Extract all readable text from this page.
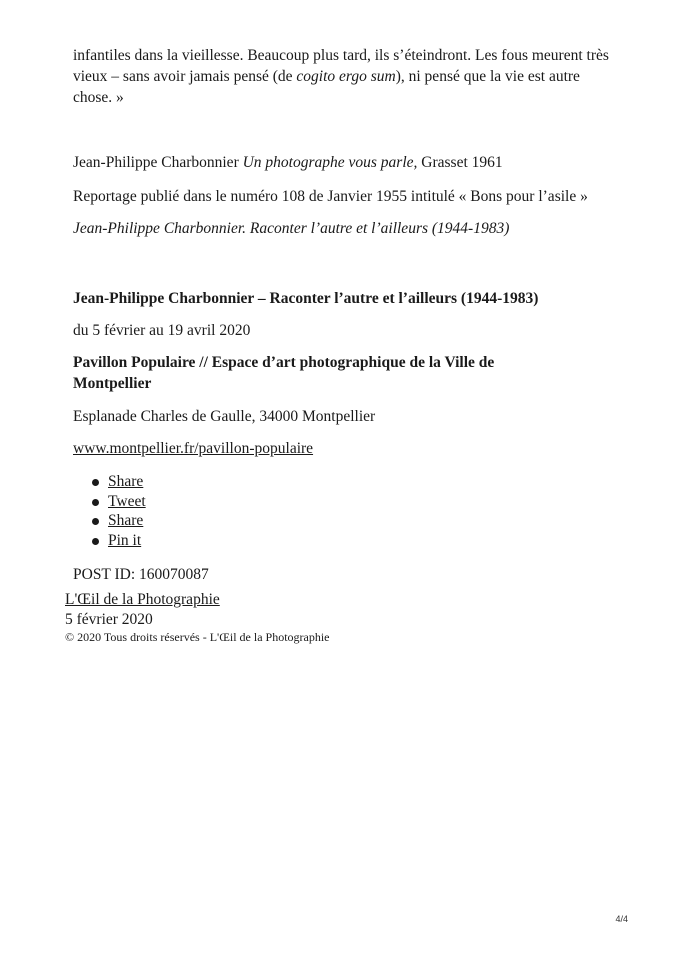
infantiles dans la vieillesse. Beaucoup plus tard, ils s’éteindront. Les fous meurent très
vieux – sans avoir jamais pensé (de cogito ergo sum), ni pensé que la vie est autre
chose. »

Jean-Philippe Charbonnier Un photographe vous parle, Grasset 1961

Reportage publié dans le numéro 108 de Janvier 1955 intitulé « Bons pour l’asile »

Jean-Philippe Charbonnier. Raconter l’autre et l’ailleurs (1944-1983)

Jean-Philippe Charbonnier – Raconter l’autre et l’ailleurs (1944-1983)

du 5 février au 19 avril 2020

Pavillon Populaire // Espace d’art photographique de la Ville de
Montpellier

Esplanade Charles de Gaulle, 34000 Montpellier

www.montpellier.fr/pavillon-populaire

Share
Tweet
Share
Pin it

POST ID: 160070087

L'Œil de la Photographie
5 février 2020
© 2020 Tous droits réservés - L'Œil de la Photographie
4/4
